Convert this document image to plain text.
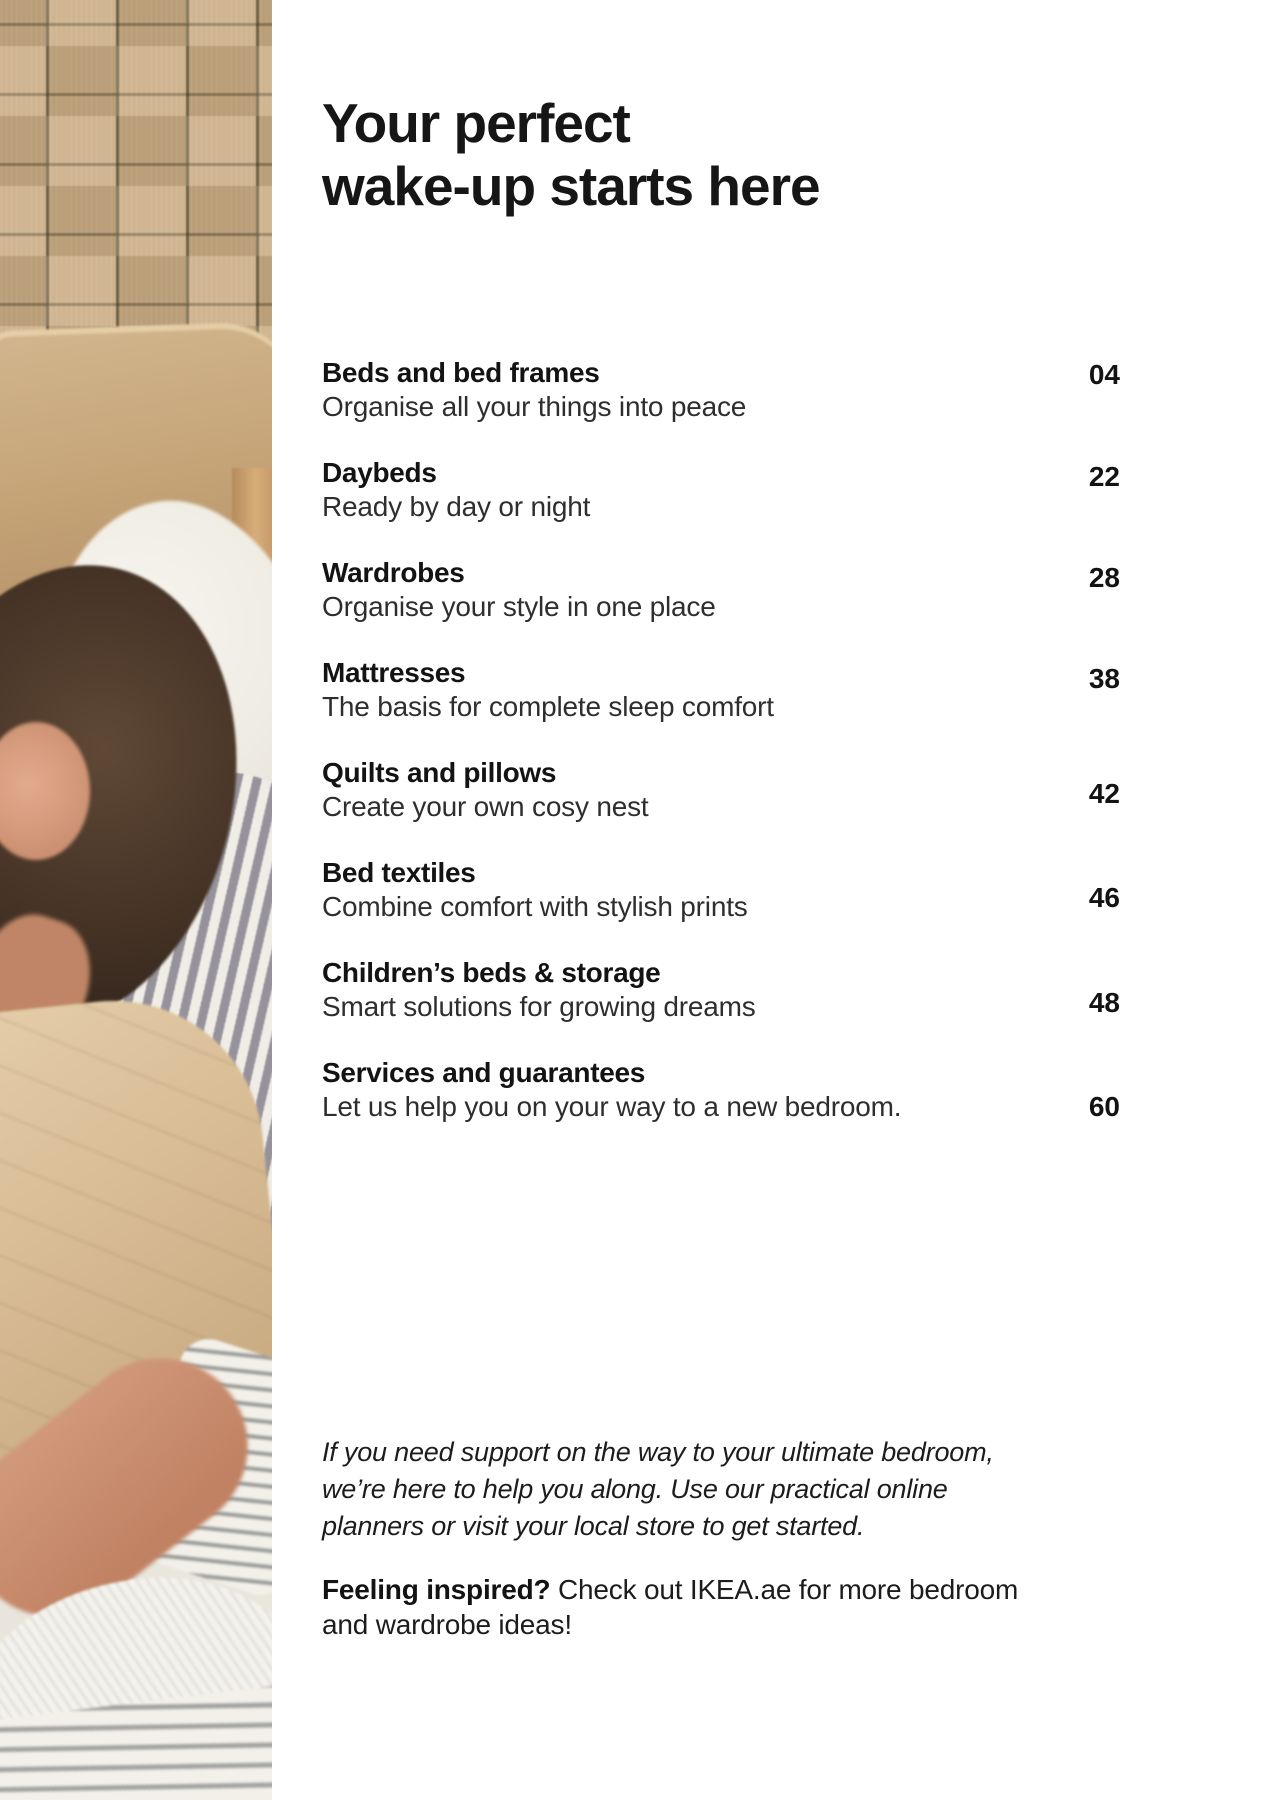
Your perfect
wake-up starts here
Beds and bed frames
Organise all your things into peace
04
Daybeds
Ready by day or night
22
Wardrobes
Organise your style in one place
28
Mattresses
The basis for complete sleep comfort
38
Quilts and pillows
Create your own cosy nest	42
Bed textiles
Combine comfort with stylish prints	46
Children’s beds & storage
Smart solutions for growing dreams	48
Services and guarantees
Let us help you on your way to a new bedroom.	60
If you need support on the way to your ultimate bedroom,
we’re here to help you along. Use our practical online
planners or visit your local store to get started.
Feeling inspired? Check out IKEA.ae for more bedroom
and wardrobe ideas!
